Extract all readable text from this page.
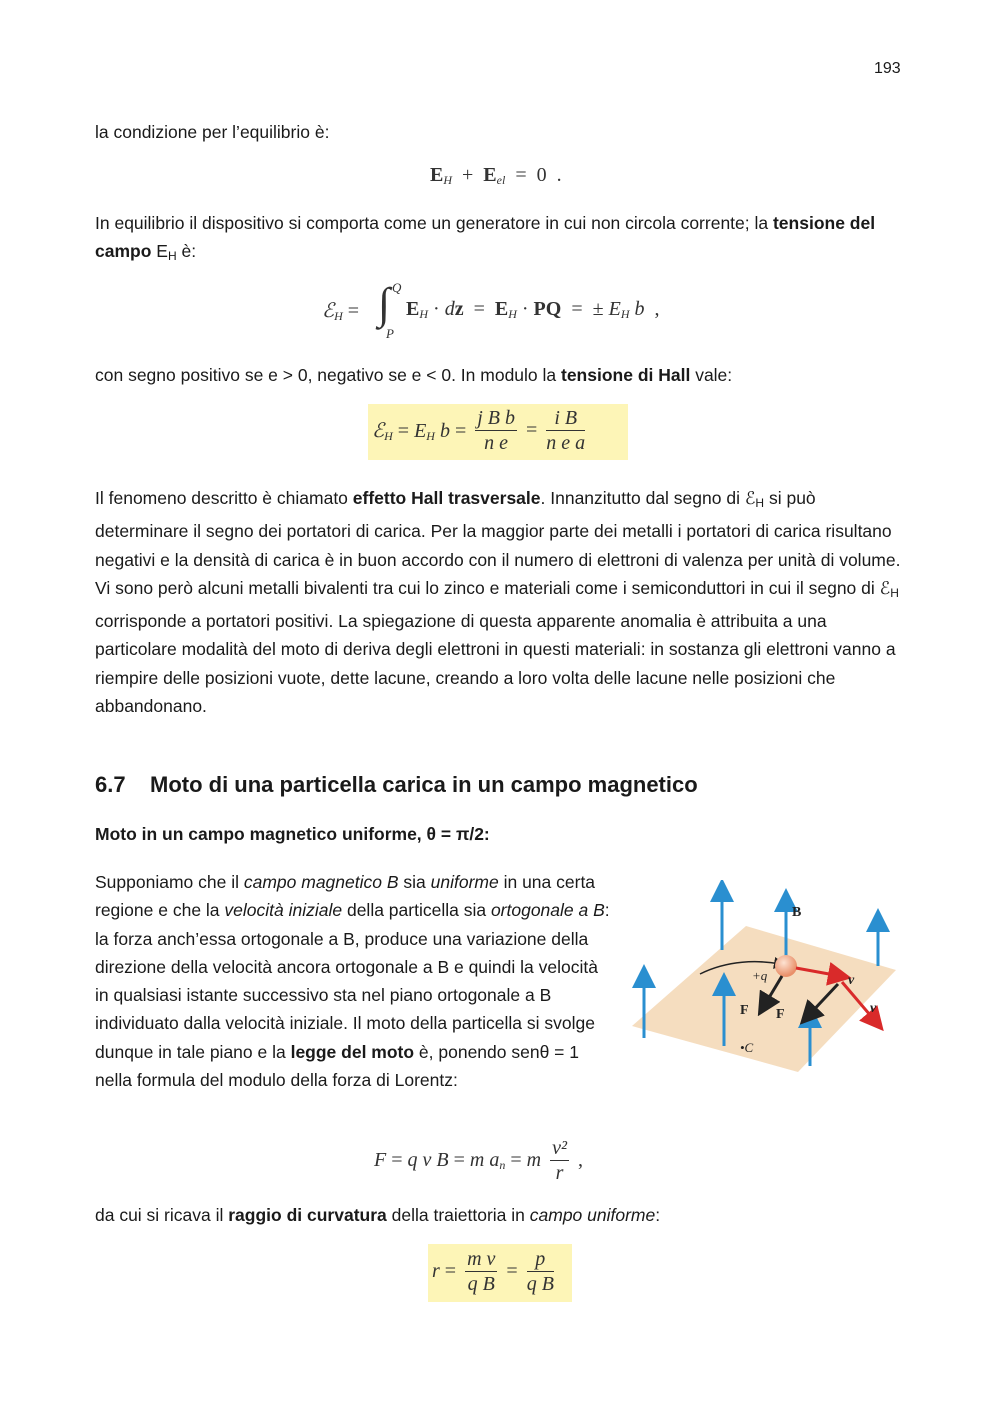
193
la condizione per l’equilibrio è:
EH  +  Eel  =  0  .
In equilibrio il dispositivo si comporta come un generatore in cui non circola corrente; la tensione del campo EH è:
ℰH = ∫ Q
P
EH · dz  =  EH · PQ  =  ± EH b  ,
con segno positivo se e > 0, negativo se e < 0. In modulo la tensione di Hall vale:
ℰH = EH $b = \frac{\text{j B b}}{\text{n e}} = \frac{\text{i B}}{\text{n e a}}$
Il fenomeno descritto è chiamato effetto Hall trasversale. Innanzitutto dal segno di ℰH si può determinare il segno dei portatori di carica. Per la maggior parte dei metalli i portatori di carica risultano negativi e la densità di carica è in buon accordo con il numero di elettroni di valenza per unità di volume. Vi sono però alcuni metalli bivalenti tra cui lo zinco e materiali come i semiconduttori in cui il segno di ℰH corrisponde a portatori positivi. La spiegazione di questa apparente anomalia è attribuita a una particolare modalità del moto di deriva degli elettroni in questi materiali: in sostanza gli elettroni vanno a riempire delle posizioni vuote, dette lacune, creando a loro volta delle lacune nelle posizioni che abbandonano.
6.7 Moto di una particella carica in un campo magnetico
Moto in un campo magnetico uniforme, θ = π/2:
Supponiamo che il campo magnetico B sia uniforme in una certa regione e che la velocità iniziale della particella sia ortogonale a B: la forza anch’essa ortogonale a B, produce una variazione della direzione della velocità ancora ortogonale a B e quindi la velocità in qualsiasi istante successivo sta nel piano ortogonale a B individuato dalla velocità iniziale. Il moto della particella si svolge dunque in tale piano e la legge del moto è, ponendo senθ = 1 nella formula del modulo della forza di Lorentz:
B
+q	v
v
F F
•C
F = q v B = m an = m $\frac{\text{v²}}{r}$ ,
da cui si ricava il raggio di curvatura della traiettoria in campo uniforme:
$r = \frac{\text{m v}}{\text{q B}} = \frac{p}{\text{q B}}$
